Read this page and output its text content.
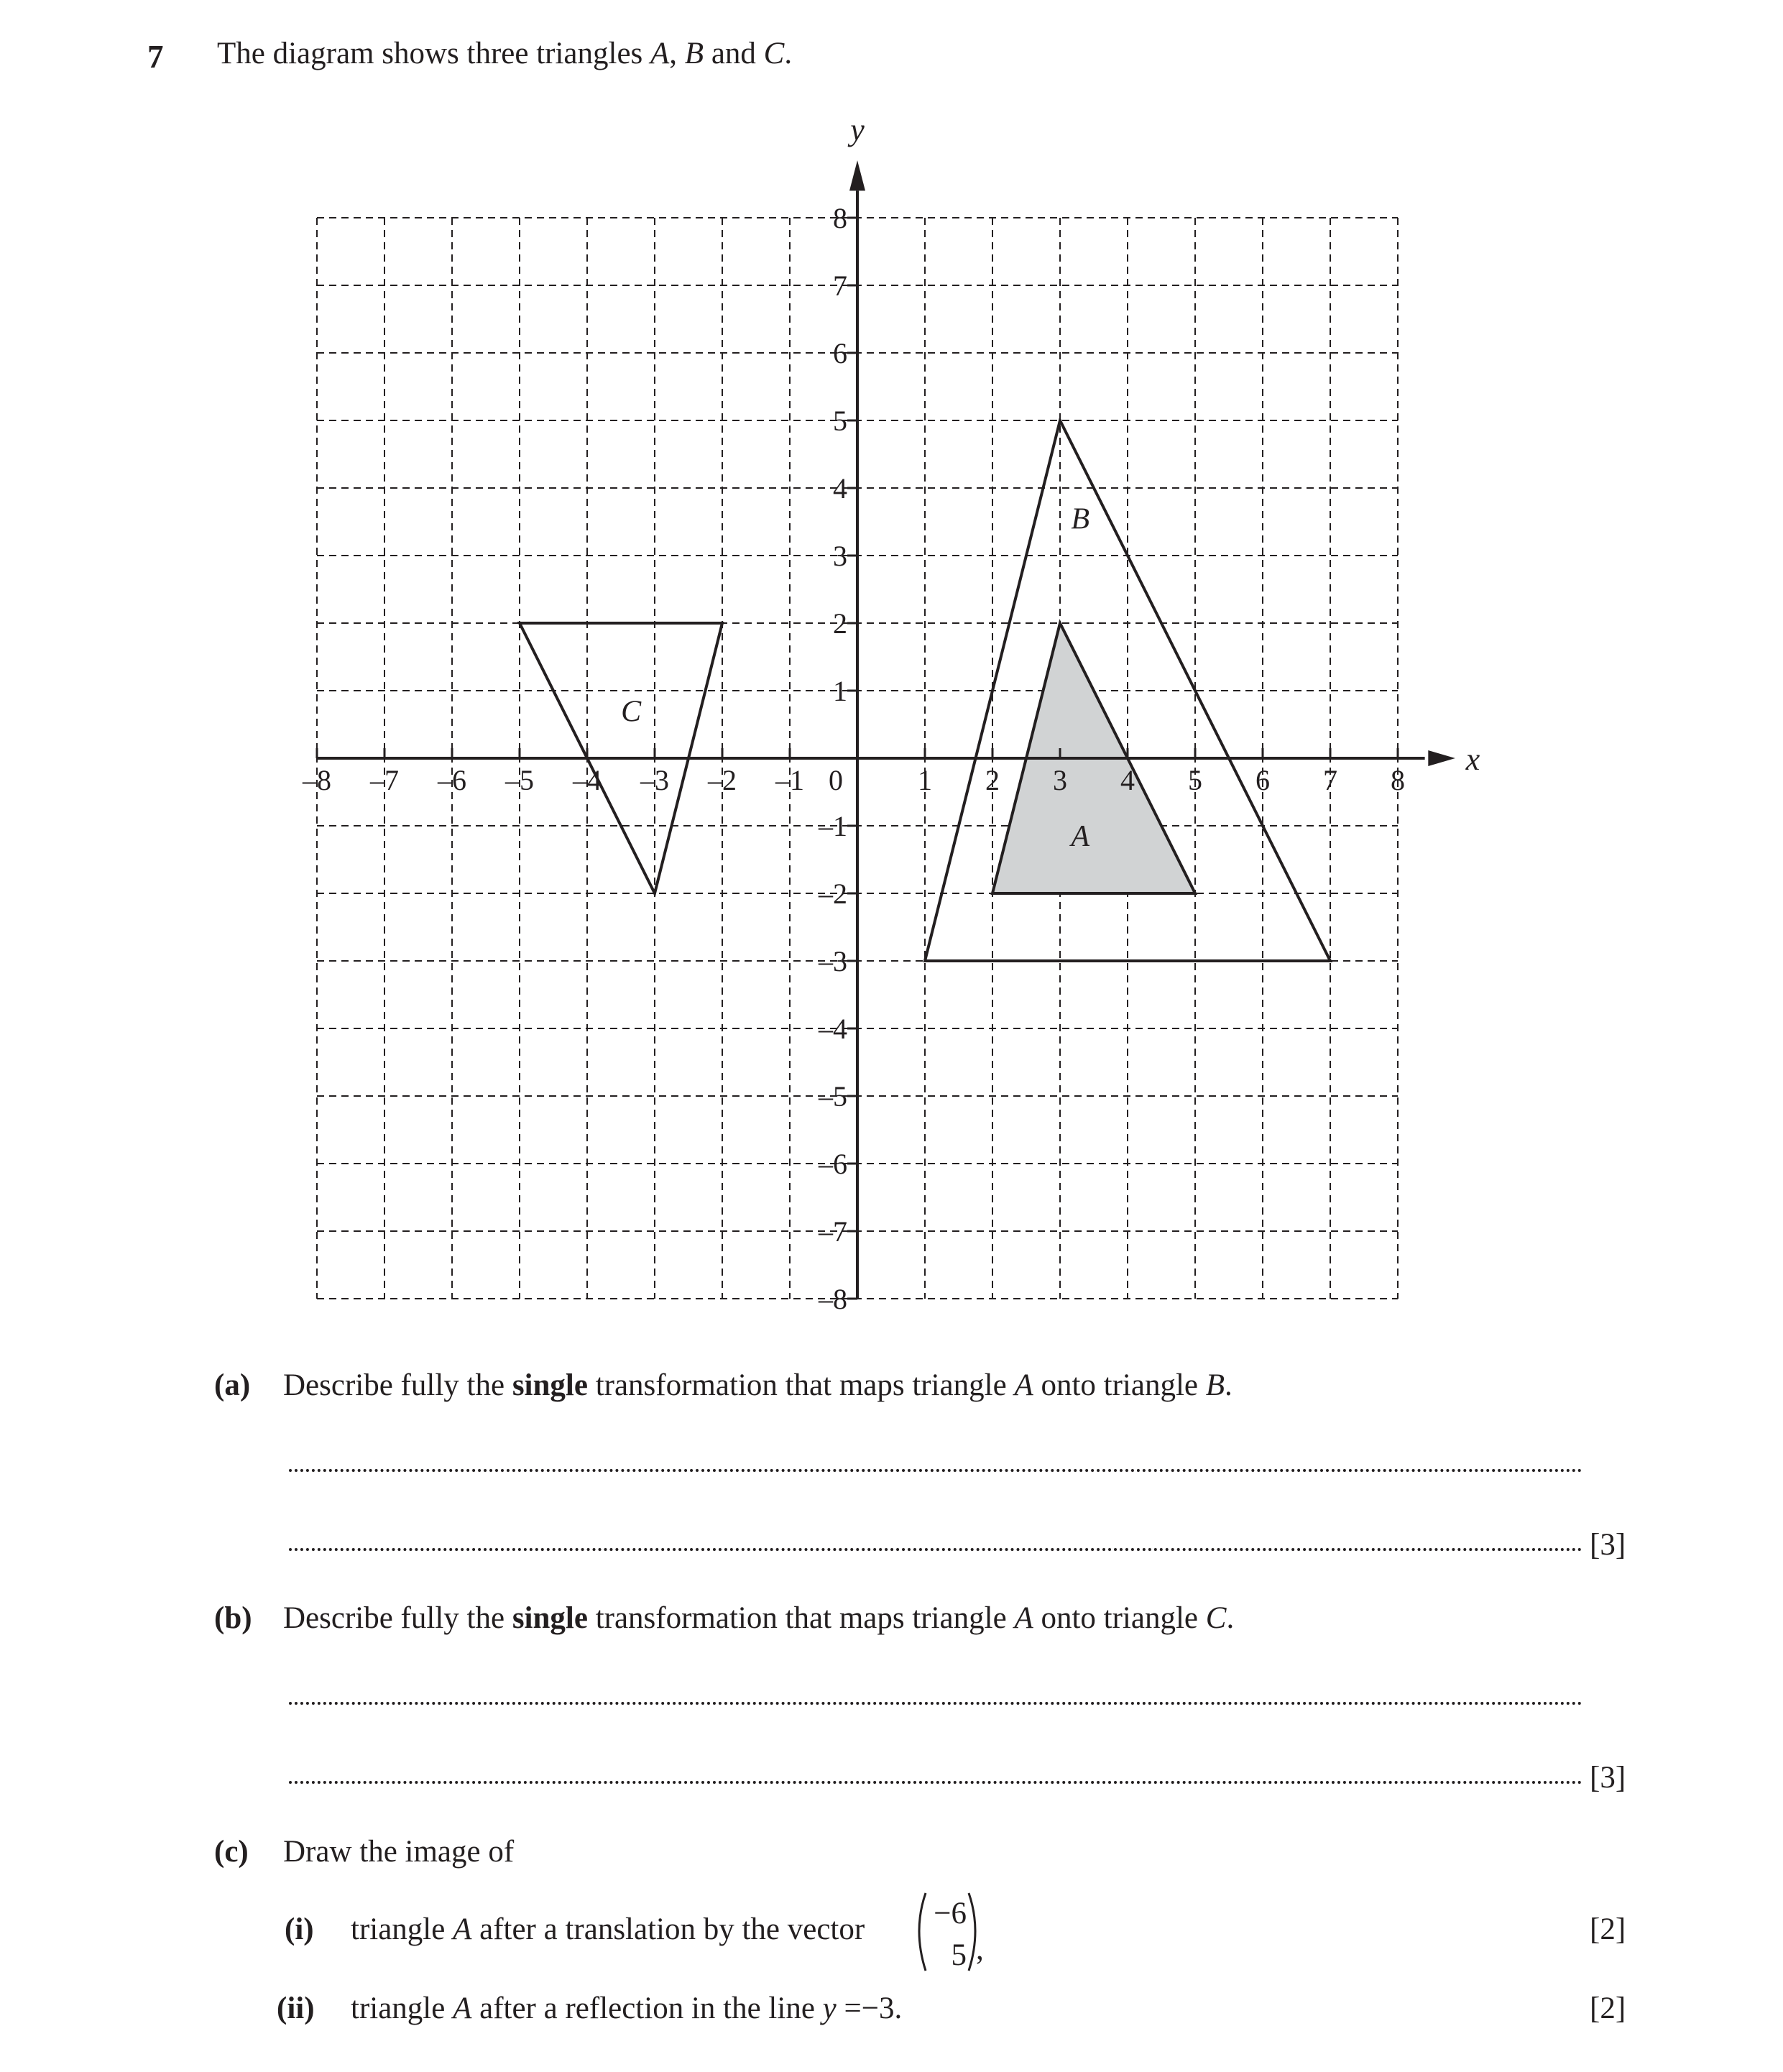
7 The diagram shows three triangles A, B and C.
A
B
C
x
y
0
–8 –7 –6 –5 –4 –3 –2 –1	1 2 3 4 5 6 7 8
8
7
6
5
4
3
2
1
–1
–2
–3
–4
–5
–6
–7
–8
(a) Describe fully the single transformation that maps triangle A onto triangle B.
[3]
(b) Describe fully the single transformation that maps triangle A onto triangle C.
[3]
(c) Draw the image of
(i) triangle A after a translation by the vector −6
5 ,
[2]
(ii) triangle A after a reflection in the line y =−3.	[2]
